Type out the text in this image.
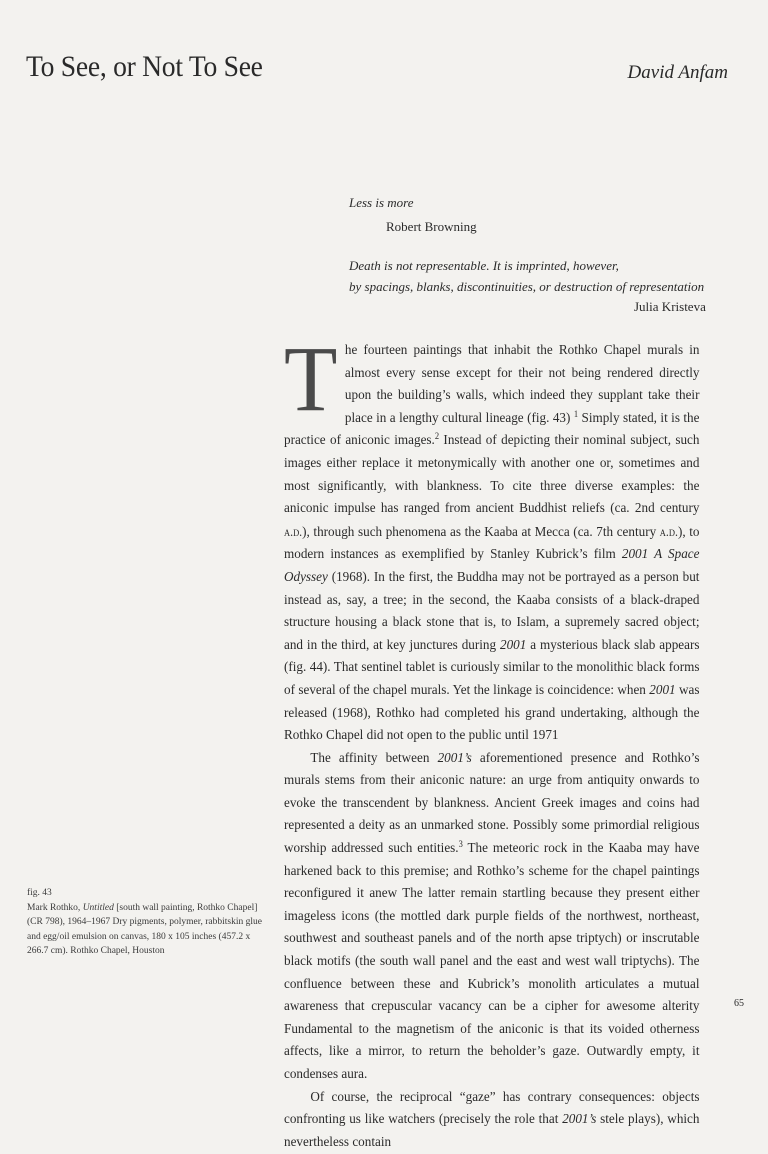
To See, or Not To See	David Anfam
Less is more
Robert Browning
Death is not representable. It is imprinted, however,
by spacings, blanks, discontinuities, or destruction of representation
Julia Kristeva
fig. 43
Mark Rothko, Untitled [south wall painting, Rothko Chapel] (CR 798), 1964–1967 Dry pigments, polymer, rabbitskin glue and egg/oil emulsion on canvas, 180 x 105 inches (457.2 x 266.7 cm). Rothko Chapel, Houston

The fourteen paintings that inhabit the Rothko Chapel murals in almost every sense except for their not being rendered directly upon the building’s walls, which indeed they supplant take their place in a lengthy cultural lineage (fig. 43) $^1$ Simply stated, it is the practice of aniconic images.$^2$ Instead of depicting their nominal subject, such images either replace it metonymically with another one or, sometimes and most significantly, with blankness. To cite three diverse examples: the aniconic impulse has ranged from ancient Buddhist reliefs (ca. 2nd century a.d.), through such phenomena as the Kaaba at Mecca (ca. 7th century a.d.), to modern instances as exemplified by Stanley Kubrick’s film 2001 A Space Odyssey (1968). In the first, the Buddha may not be portrayed as a person but instead as, say, a tree; in the second, the Kaaba consists of a black-draped structure housing a black stone that is, to Islam, a supremely sacred object; and in the third, at key junctures during 2001 a mysterious black slab appears (fig. 44). That sentinel tablet is curiously similar to the monolithic black forms of several of the chapel murals. Yet the linkage is coincidence: when 2001 was released (1968), Rothko had completed his grand undertaking, although the Rothko Chapel did not open to the public until 1971

The affinity between 2001’s aforementioned presence and Rothko’s murals stems from their aniconic nature: an urge from antiquity onwards to evoke the transcendent by blankness. Ancient Greek images and coins had represented a deity as an unmarked stone. Possibly some primordial religious worship addressed such entities.$^3$ The meteoric rock in the Kaaba may have harkened back to this premise; and Rothko’s scheme for the chapel paintings reconfigured it anew The latter remain startling because they present either imageless icons (the mottled dark purple fields of the northwest, northeast, southwest and southeast panels and of the north apse triptych) or inscrutable black motifs (the south wall panel and the east and west wall triptychs). The confluence between these and Kubrick’s monolith articulates a mutual awareness that crepuscular vacancy can be a cipher for awesome alterity Fundamental to the magnetism of the aniconic is that its voided otherness affects, like a mirror, to return the beholder’s gaze. Outwardly empty, it condenses aura.

Of course, the reciprocal “gaze” has contrary consequences: objects confronting us like watchers (precisely the role that 2001’s stele plays), which nevertheless contain

65
